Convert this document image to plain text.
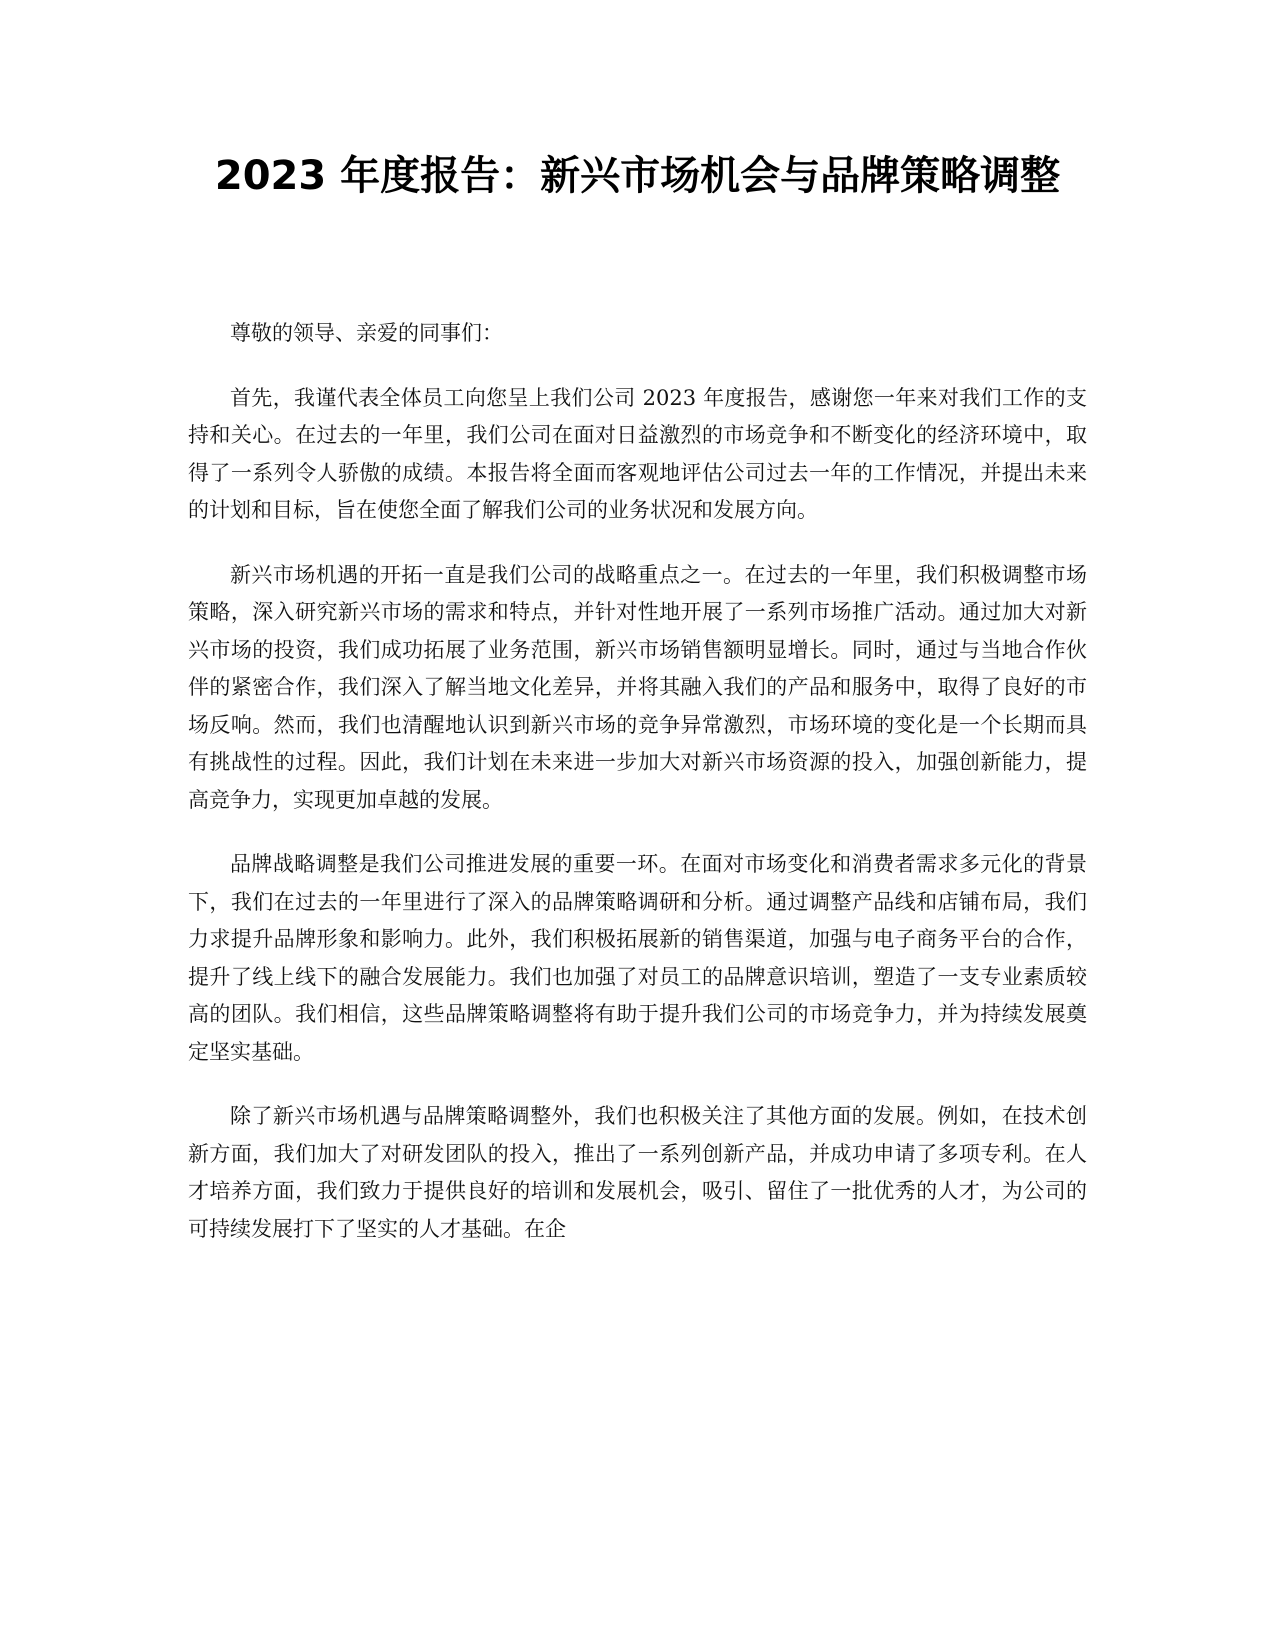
2023 年度报告：新兴市场机会与品牌策略调整

尊敬的领导、亲爱的同事们：

首先，我谨代表全体员工向您呈上我们公司 2023 年度报告，感谢您一年来对我们工作的支持和关心。在过去的一年里，我们公司在面对日益激烈的市场竞争和不断变化的经济环境中，取得了一系列令人骄傲的成绩。本报告将全面而客观地评估公司过去一年的工作情况，并提出未来的计划和目标，旨在使您全面了解我们公司的业务状况和发展方向。

新兴市场机遇的开拓一直是我们公司的战略重点之一。在过去的一年里，我们积极调整市场策略，深入研究新兴市场的需求和特点，并针对性地开展了一系列市场推广活动。通过加大对新兴市场的投资，我们成功拓展了业务范围，新兴市场销售额明显增长。同时，通过与当地合作伙伴的紧密合作，我们深入了解当地文化差异，并将其融入我们的产品和服务中，取得了良好的市场反响。然而，我们也清醒地认识到新兴市场的竞争异常激烈，市场环境的变化是一个长期而具有挑战性的过程。因此，我们计划在未来进一步加大对新兴市场资源的投入，加强创新能力，提高竞争力，实现更加卓越的发展。

品牌战略调整是我们公司推进发展的重要一环。在面对市场变化和消费者需求多元化的背景下，我们在过去的一年里进行了深入的品牌策略调研和分析。通过调整产品线和店铺布局，我们力求提升品牌形象和影响力。此外，我们积极拓展新的销售渠道，加强与电子商务平台的合作，提升了线上线下的融合发展能力。我们也加强了对员工的品牌意识培训，塑造了一支专业素质较高的团队。我们相信，这些品牌策略调整将有助于提升我们公司的市场竞争力，并为持续发展奠定坚实基础。

除了新兴市场机遇与品牌策略调整外，我们也积极关注了其他方面的发展。例如，在技术创新方面，我们加大了对研发团队的投入，推出了一系列创新产品，并成功申请了多项专利。在人才培养方面，我们致力于提供良好的培训和发展机会，吸引、留住了一批优秀的人才，为公司的可持续发展打下了坚实的人才基础。在企
